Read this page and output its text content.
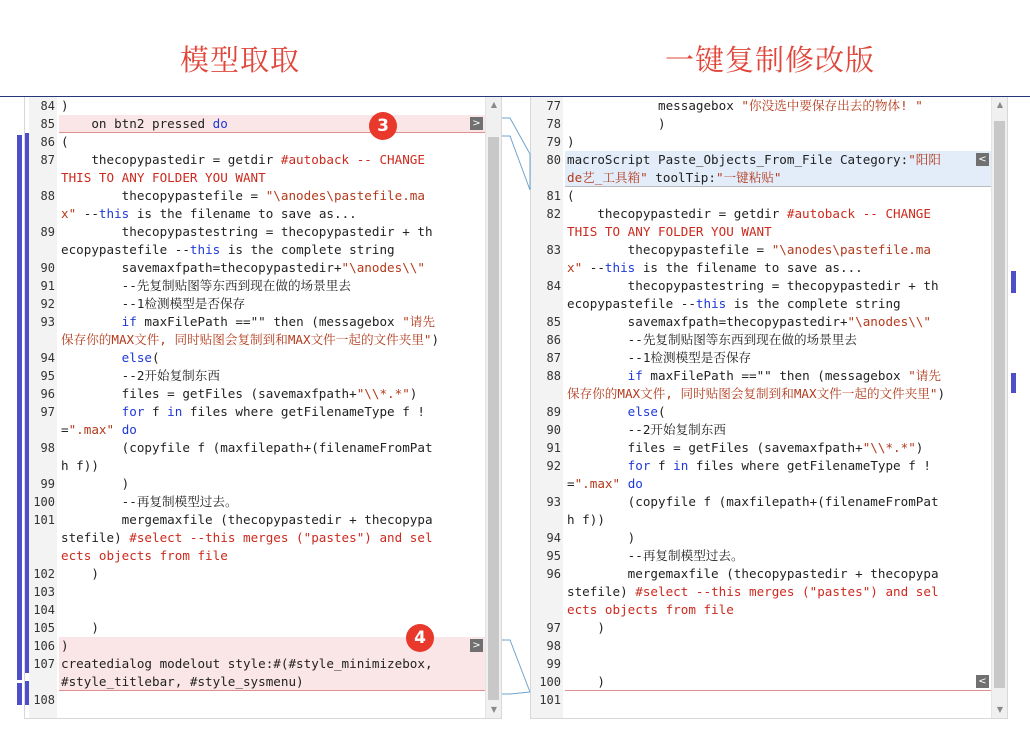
模型取取	一键复制修改版
84 )
85 on btn2 pressed do	>
86 (
87 thecopypastedir = getdir #autoback -- CHANGE
THIS TO ANY FOLDER YOU WANT
88 thecopypastefile = "\anodes\pastefile.ma
x" --this is the filename to save as...
89 thecopypastestring = thecopypastedir + th
ecopypastefile --this is the complete string
90 savemaxfpath=thecopypastedir+"\anodes\\"
91 --先复制贴图等东西到现在做的场景里去
92 --1检测模型是否保存
93	if maxFilePath =="" then (messagebox "请先
保存你的MAX文件, 同时贴图会复制到和MAX文件一起的文件夹里")
94	else(
95 --2开始复制东西
96 files = getFiles (savemaxfpath+"\\*.*")
97	for f in files where getFilenameType f !
=".max" do
98 (copyfile f (maxfilepath+(filenameFromPat
h f))
99 )
100 --再复制模型过去。
101 mergemaxfile (thecopypastedir + thecopypa
stefile) #select --this merges ("pastes") and sel
ects objects from file
102 )
103
104
105 )
106 )	>
107 createdialog modelout style:#(#style_minimizebox,
#style_titlebar, #style_sysmenu)
108
▲
▼
77 messagebox "你没选中要保存出去的物体! "
78 )
79 )
80 macroScript Paste_Objects_From_File Category:"阳阳	<
de艺_工具箱" toolTip:"一键粘贴"
81 (
82 thecopypastedir = getdir #autoback -- CHANGE
THIS TO ANY FOLDER YOU WANT
83 thecopypastefile = "\anodes\pastefile.ma
x" --this is the filename to save as...
84 thecopypastestring = thecopypastedir + th
ecopypastefile --this is the complete string
85 savemaxfpath=thecopypastedir+"\anodes\\"
86 --先复制贴图等东西到现在做的场景里去
87 --1检测模型是否保存
88	if maxFilePath =="" then (messagebox "请先
保存你的MAX文件, 同时贴图会复制到和MAX文件一起的文件夹里")
89	else(
90 --2开始复制东西
91 files = getFiles (savemaxfpath+"\\*.*")
92	for f in files where getFilenameType f !
=".max" do
93 (copyfile f (maxfilepath+(filenameFromPat
h f))
94 )
95 --再复制模型过去。
96 mergemaxfile (thecopypastedir + thecopypa
stefile) #select --this merges ("pastes") and sel
ects objects from file
97 )
98
99
100 )	<
101
▲
▼
3
4
